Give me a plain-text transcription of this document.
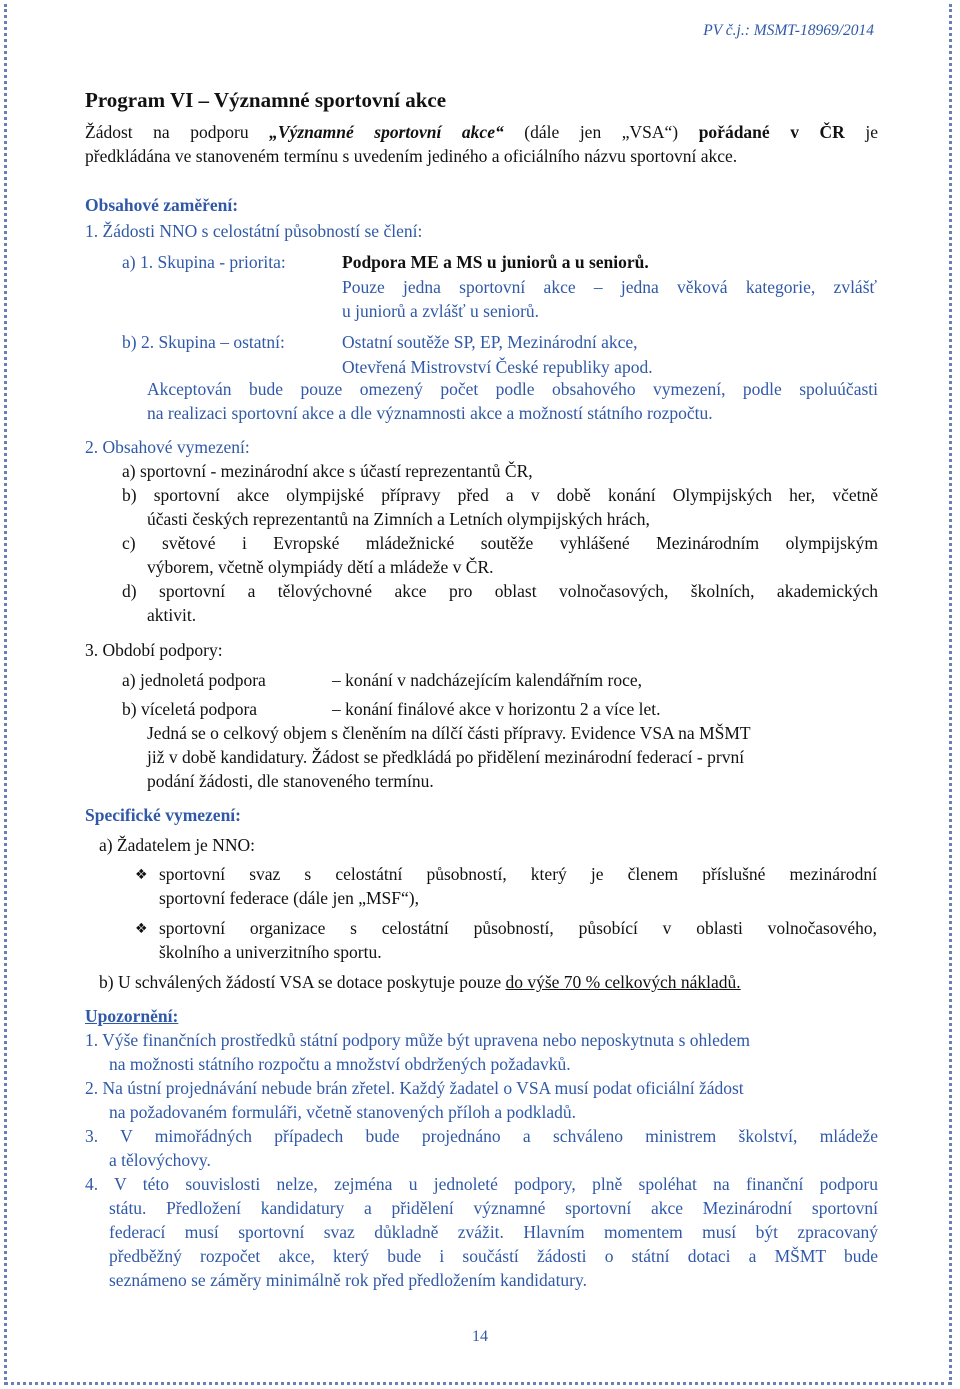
PV č.j.: MSMT-18969/2014
Program VI – Významné sportovní akce
Žádost na podporu „Významné sportovní akce“ (dále jen „VSA“) pořádané v ČR je
předkládána ve stanoveném termínu s uvedením jediného a oficiálního názvu sportovní akce.
Obsahové zaměření:
1. Žádosti NNO s celostátní působností se člení:
a) 1. Skupina - priorita:	Podpora ME a MS u juniorů a u seniorů.
Pouze jedna sportovní akce – jedna věková kategorie, zvlášť
u juniorů a zvlášť u seniorů.
b) 2. Skupina – ostatní:	Ostatní soutěže SP, EP, Mezinárodní akce,
Otevřená Mistrovství České republiky apod.
Akceptován bude pouze omezený počet podle obsahového vymezení, podle spoluúčasti
na realizaci sportovní akce a dle významnosti akce a možností státního rozpočtu.
2. Obsahové vymezení:
a) sportovní - mezinárodní akce s účastí reprezentantů ČR,
b) sportovní akce olympijské přípravy před a v době konání Olympijských her, včetně
účasti českých reprezentantů na Zimních a Letních olympijských hrách,
c) světové i Evropské mládežnické soutěže vyhlášené Mezinárodním olympijským
výborem, včetně olympiády dětí a mládeže v ČR.
d) sportovní a tělovýchovné akce pro oblast volnočasových, školních, akademických
aktivit.
3. Období podpory:
a) jednoletá podpora	– konání v nadcházejícím kalendářním roce,
b) víceletá podpora	– konání finálové akce v horizontu 2 a více let.
Jedná se o celkový objem s členěním na dílčí části přípravy. Evidence VSA na MŠMT
již v době kandidatury. Žádost se předkládá po přidělení mezinárodní federací - první
podání žádosti, dle stanoveného termínu.
Specifické vymezení:
a) Žadatelem je NNO:
❖ sportovní svaz s celostátní působností, který je členem příslušné mezinárodní
sportovní federace (dále jen „MSF“),
❖ sportovní organizace s celostátní působností, působící v oblasti volnočasového,
školního a univerzitního sportu.
b) U schválených žádostí VSA se dotace poskytuje pouze do výše 70 % celkových nákladů.
Upozornění:
1. Výše finančních prostředků státní podpory může být upravena nebo neposkytnuta s ohledem
na možnosti státního rozpočtu a množství obdržených požadavků.
2. Na ústní projednávání nebude brán zřetel. Každý žadatel o VSA musí podat oficiální žádost
na požadovaném formuláři, včetně stanovených příloh a podkladů.
3. V mimořádných případech bude projednáno a schváleno ministrem školství, mládeže
a tělovýchovy.
4. V této souvislosti nelze, zejména u jednoleté podpory, plně spoléhat na finanční podporu
státu. Předložení kandidatury a přidělení významné sportovní akce Mezinárodní sportovní
federací musí sportovní svaz důkladně zvážit. Hlavním momentem musí být zpracovaný
předběžný rozpočet akce, který bude i součástí žádosti o státní dotaci a MŠMT bude
seznámeno se záměry minimálně rok před předložením kandidatury.
14
